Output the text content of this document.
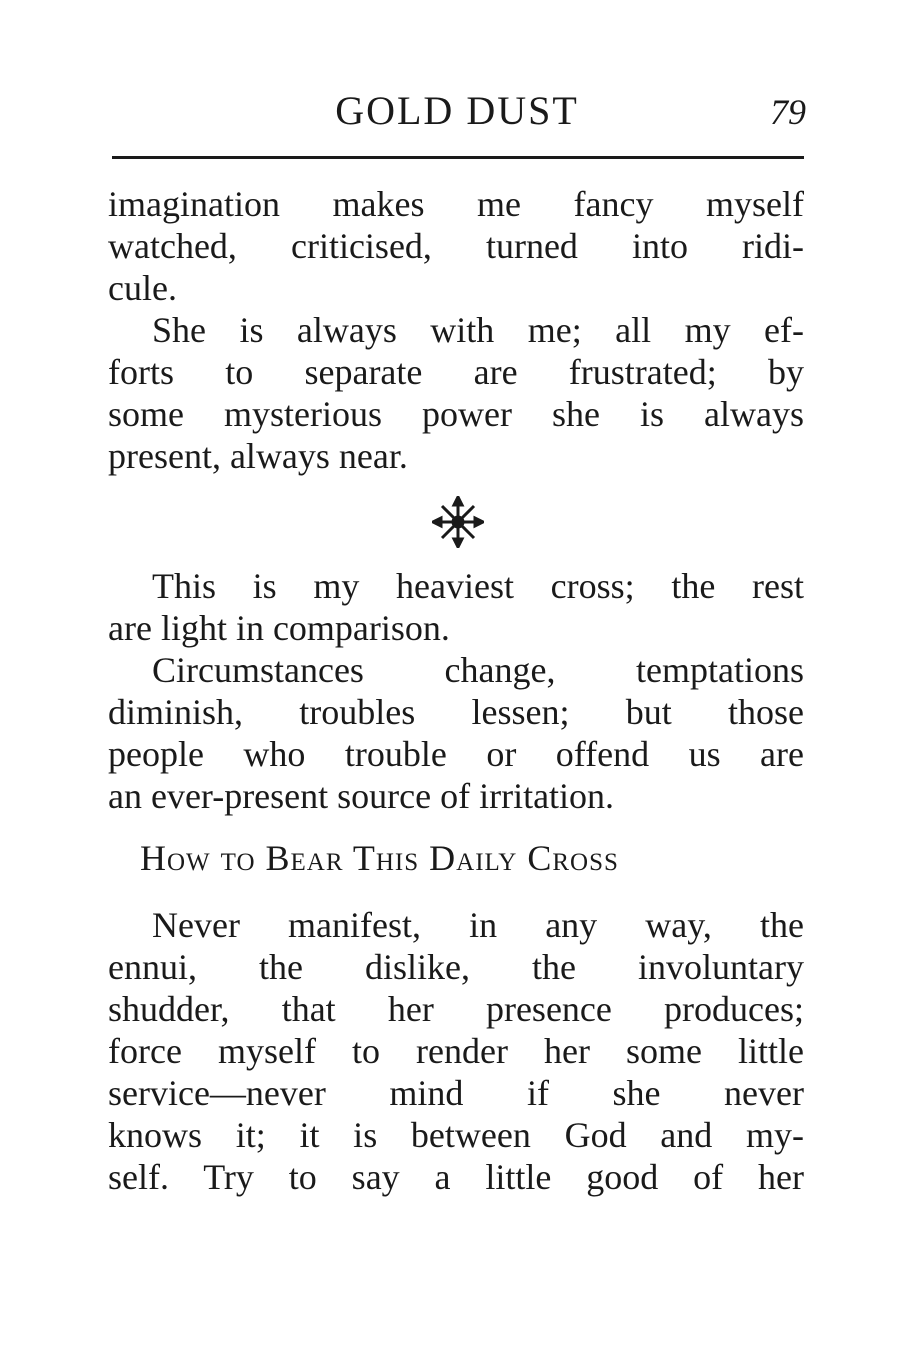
GOLD DUST	79
imagination makes me fancy myself
watched, criticised, turned into ridi-
cule.
She is always with me; all my ef-
forts to separate are frustrated; by
some mysterious power she is always
present, always near.
This is my heaviest cross; the rest
are light in comparison.
Circumstances change, temptations
diminish, troubles lessen; but those
people who trouble or offend us are
an ever-present source of irritation.
How to Bear This Daily Cross
Never manifest, in any way, the
ennui, the dislike, the involuntary
shudder, that her presence produces;
force myself to render her some little
service—never mind if she never
knows it; it is between God and my-
self. Try to say a little good of her
